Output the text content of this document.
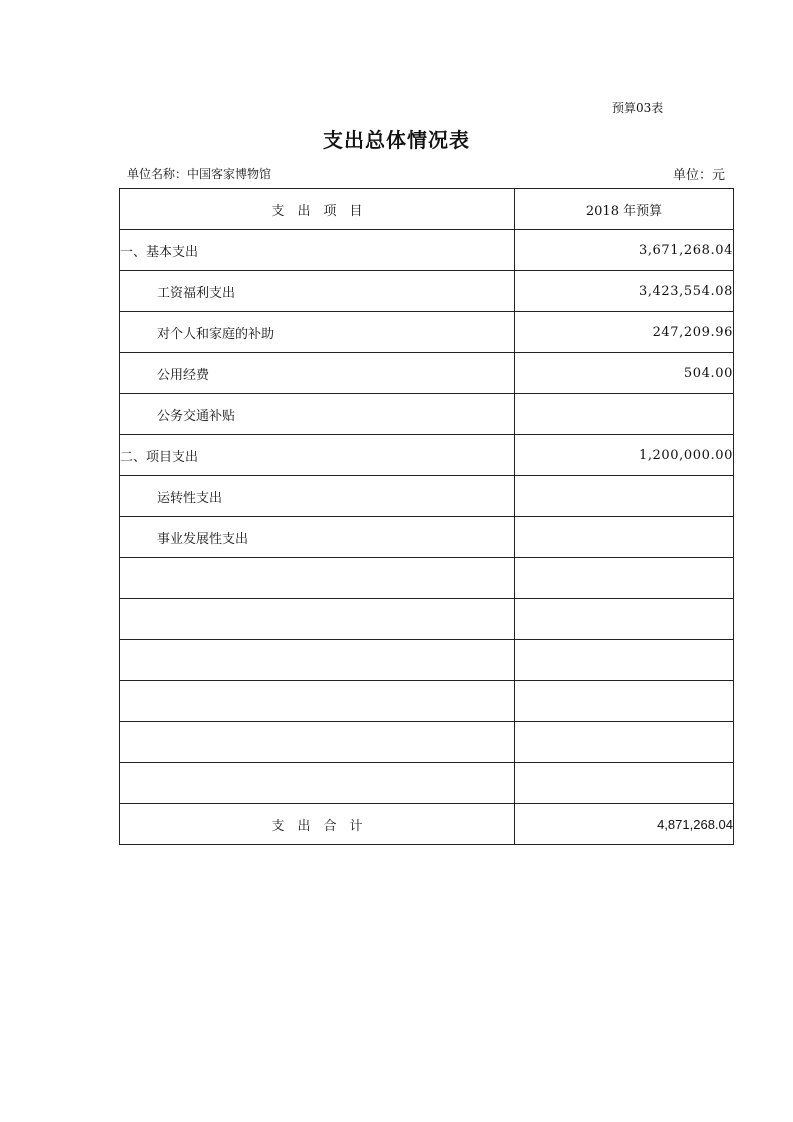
预算03表
支出总体情况表
单位名称：中国客家博物馆	单位：元
支　出　项　目	2018 年预算
一、基本支出	3,671,268.04
工资福利支出	3,423,554.08
对个人和家庭的补助	247,209.96
公用经费	504.00
公务交通补贴	
二、项目支出	1,200,000.00
运转性支出	
事业发展性支出	

支　出　合　计	4,871,268.04
